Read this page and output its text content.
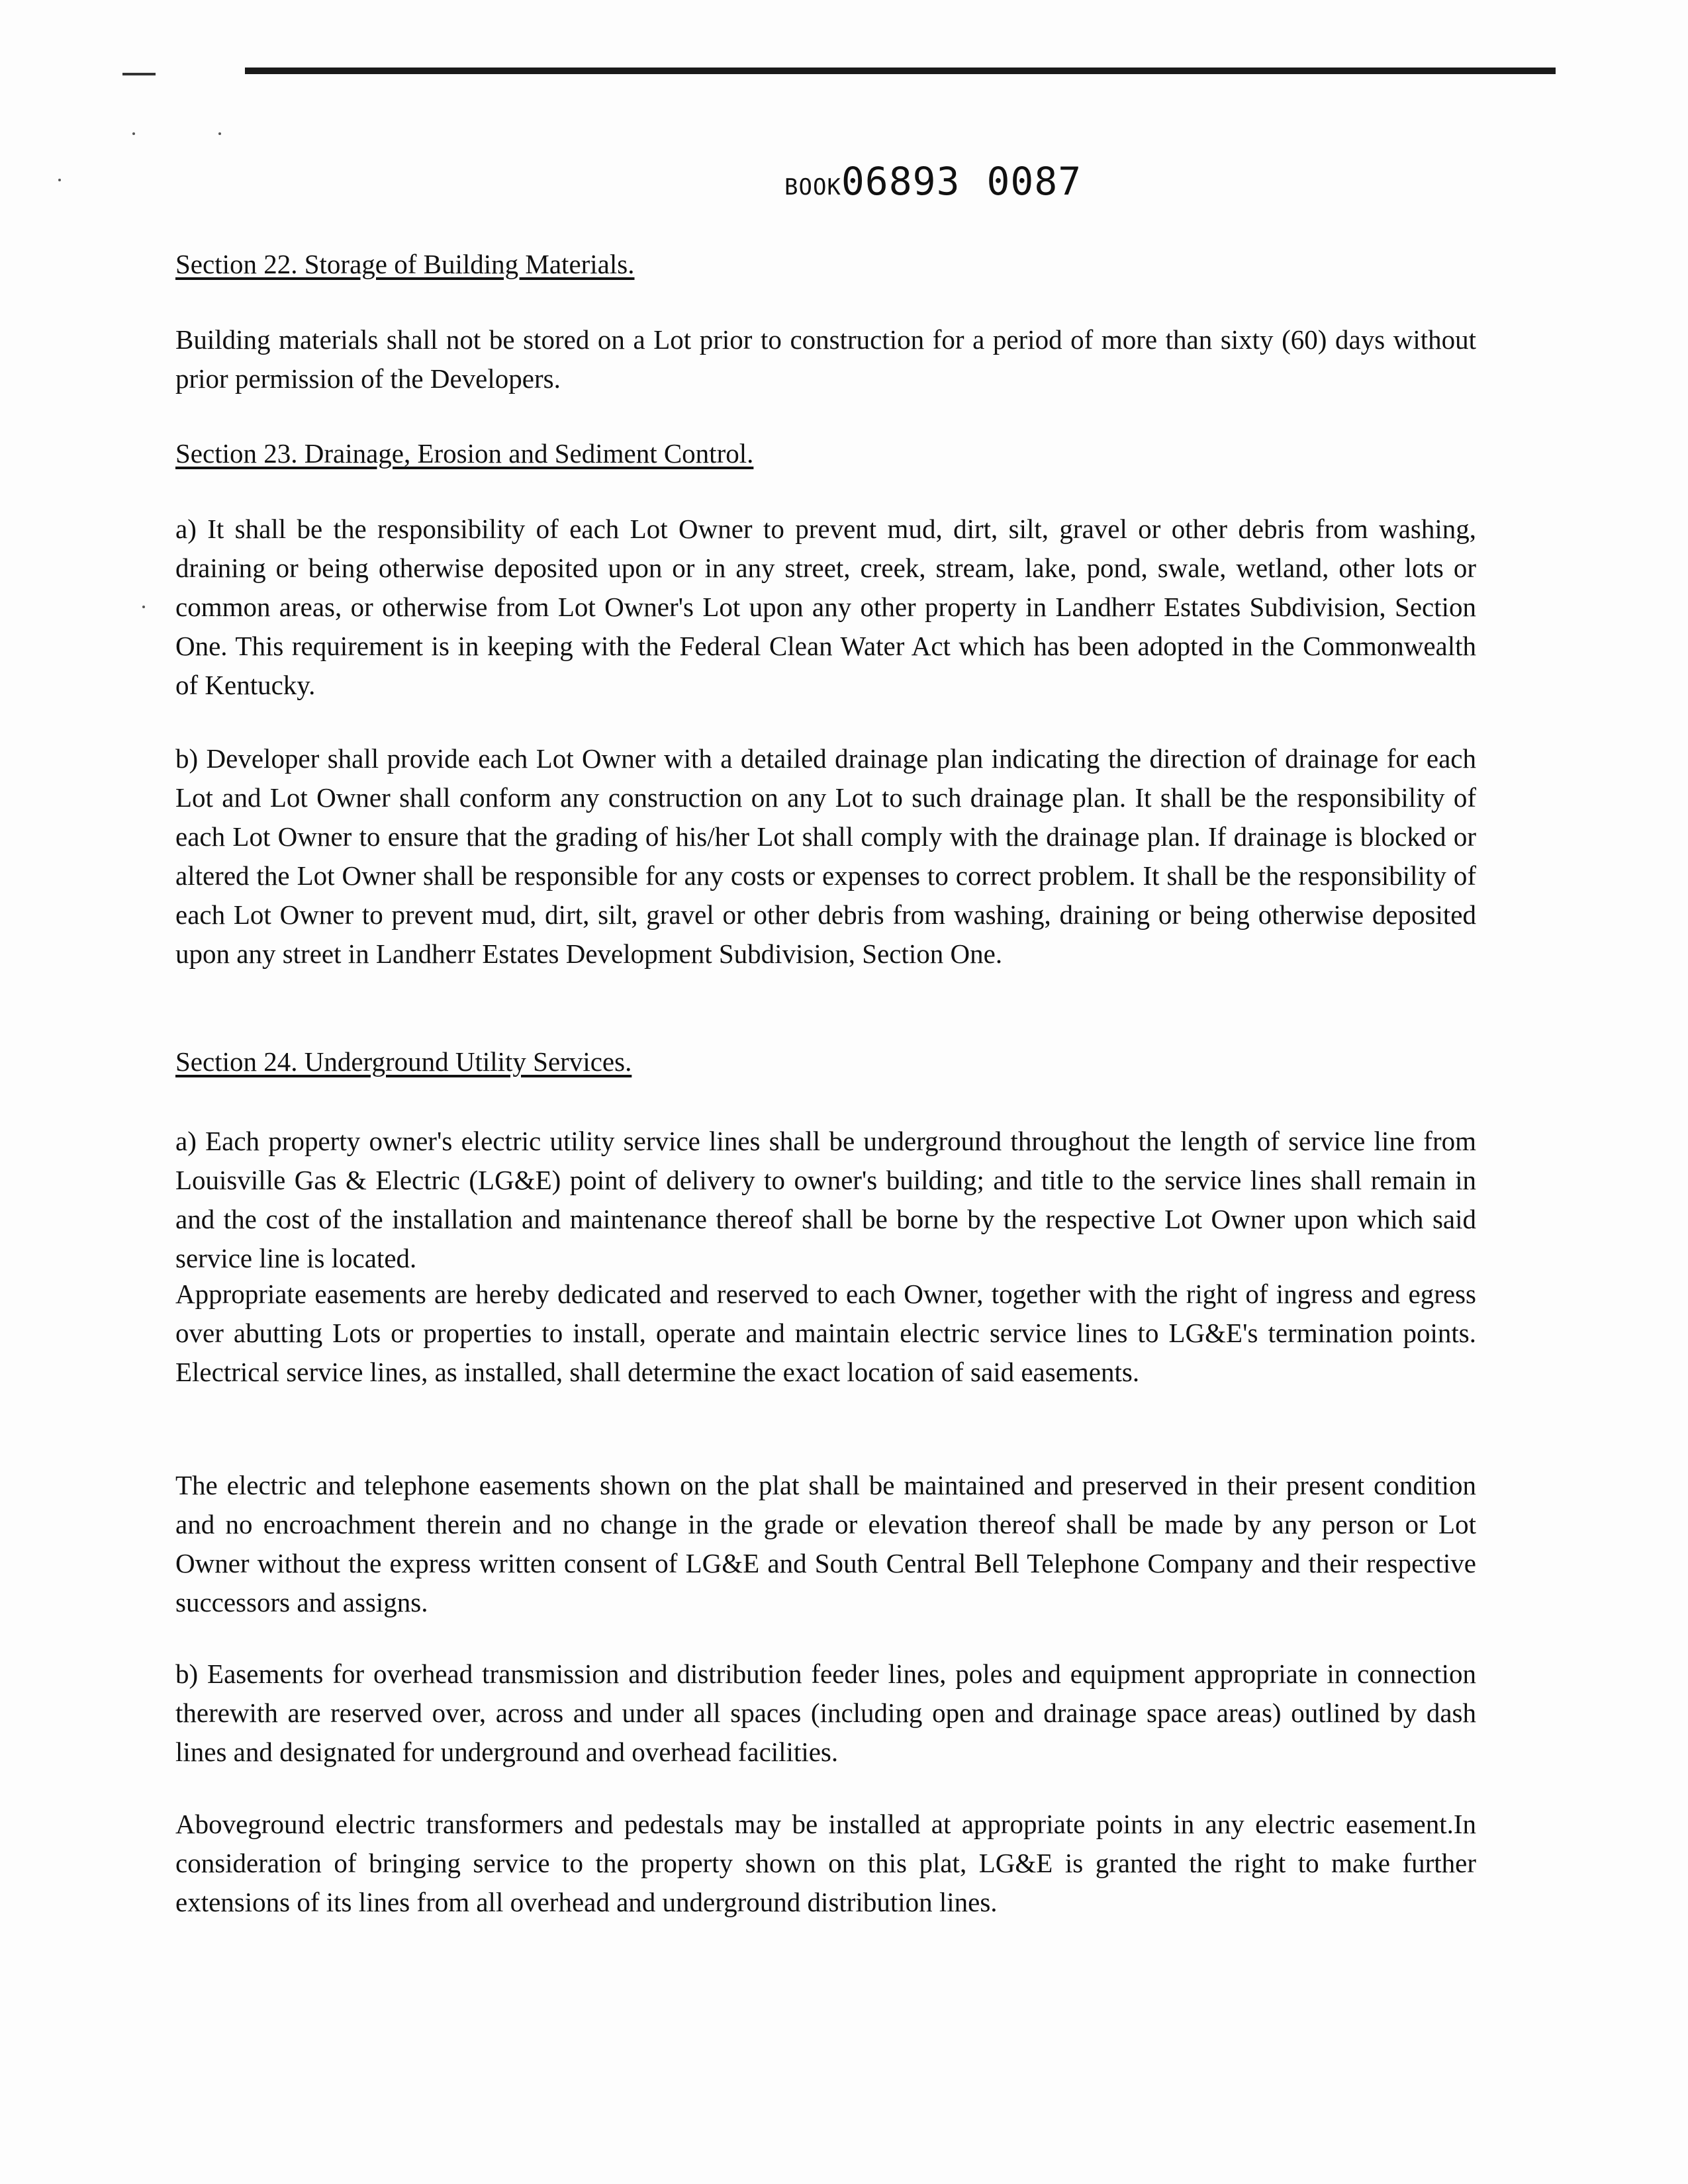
BOOK06893 0087
Section 22. Storage of Building Materials.
Building materials shall not be stored on a Lot prior to construction for a period of more than sixty (60) days without prior permission of the Developers.
Section 23. Drainage, Erosion and Sediment Control.
a) It shall be the responsibility of each Lot Owner to prevent mud, dirt, silt, gravel or other debris from washing, draining or being otherwise deposited upon or in any street, creek, stream, lake, pond, swale, wetland, other lots or common areas, or otherwise from Lot Owner's Lot upon any other property in Landherr Estates Subdivision, Section One. This requirement is in keeping with the Federal Clean Water Act which has been adopted in the Commonwealth of Kentucky.
b) Developer shall provide each Lot Owner with a detailed drainage plan indicating the direction of drainage for each Lot and Lot Owner shall conform any construction on any Lot to such drainage plan. It shall be the responsibility of each Lot Owner to ensure that the grading of his/her Lot shall comply with the drainage plan. If drainage is blocked or altered the Lot Owner shall be responsible for any costs or expenses to correct problem. It shall be the responsibility of each Lot Owner to prevent mud, dirt, silt, gravel or other debris from washing, draining or being otherwise deposited upon any street in Landherr Estates Development Subdivision, Section One.
Section 24. Underground Utility Services.
a) Each property owner's electric utility service lines shall be underground throughout the length of service line from Louisville Gas & Electric (LG&E) point of delivery to owner's building; and title to the service lines shall remain in and the cost of the installation and maintenance thereof shall be borne by the respective Lot Owner upon which said service line is located.
Appropriate easements are hereby dedicated and reserved to each Owner, together with the right of ingress and egress over abutting Lots or properties to install, operate and maintain electric service lines to LG&E's termination points. Electrical service lines, as installed, shall determine the exact location of said easements.
The electric and telephone easements shown on the plat shall be maintained and preserved in their present condition and no encroachment therein and no change in the grade or elevation thereof shall be made by any person or Lot Owner without the express written consent of LG&E and South Central Bell Telephone Company and their respective successors and assigns.
b) Easements for overhead transmission and distribution feeder lines, poles and equipment appropriate in connection therewith are reserved over, across and under all spaces (including open and drainage space areas) outlined by dash lines and designated for underground and overhead facilities.
Aboveground electric transformers and pedestals may be installed at appropriate points in any electric easement.In consideration of bringing service to the property shown on this plat, LG&E is granted the right to make further extensions of its lines from all overhead and underground distribution lines.
